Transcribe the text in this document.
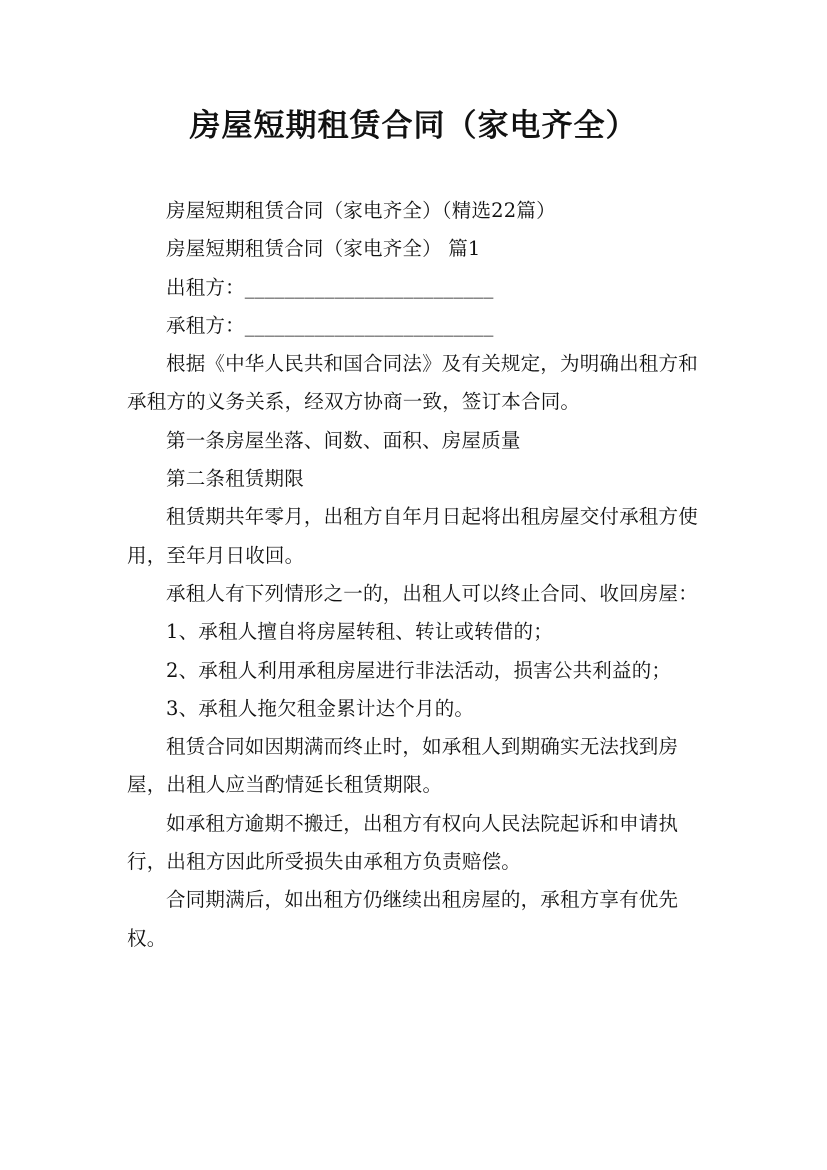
房屋短期租赁合同（家电齐全）

房屋短期租赁合同（家电齐全）（精选22篇）

房屋短期租赁合同（家电齐全） 篇1

出租方：_________________________

承租方：_________________________

根据《中华人民共和国合同法》及有关规定，为明确出租方和承租方的义务关系，经双方协商一致，签订本合同。

第一条房屋坐落、间数、面积、房屋质量

第二条租赁期限

租赁期共年零月，出租方自年月日起将出租房屋交付承租方使用，至年月日收回。

承租人有下列情形之一的，出租人可以终止合同、收回房屋：

1、承租人擅自将房屋转租、转让或转借的；

2、承租人利用承租房屋进行非法活动，损害公共利益的；

3、承租人拖欠租金累计达个月的。

租赁合同如因期满而终止时，如承租人到期确实无法找到房屋，出租人应当酌情延长租赁期限。

如承租方逾期不搬迁，出租方有权向人民法院起诉和申请执行，出租方因此所受损失由承租方负责赔偿。

合同期满后，如出租方仍继续出租房屋的，承租方享有优先权。
